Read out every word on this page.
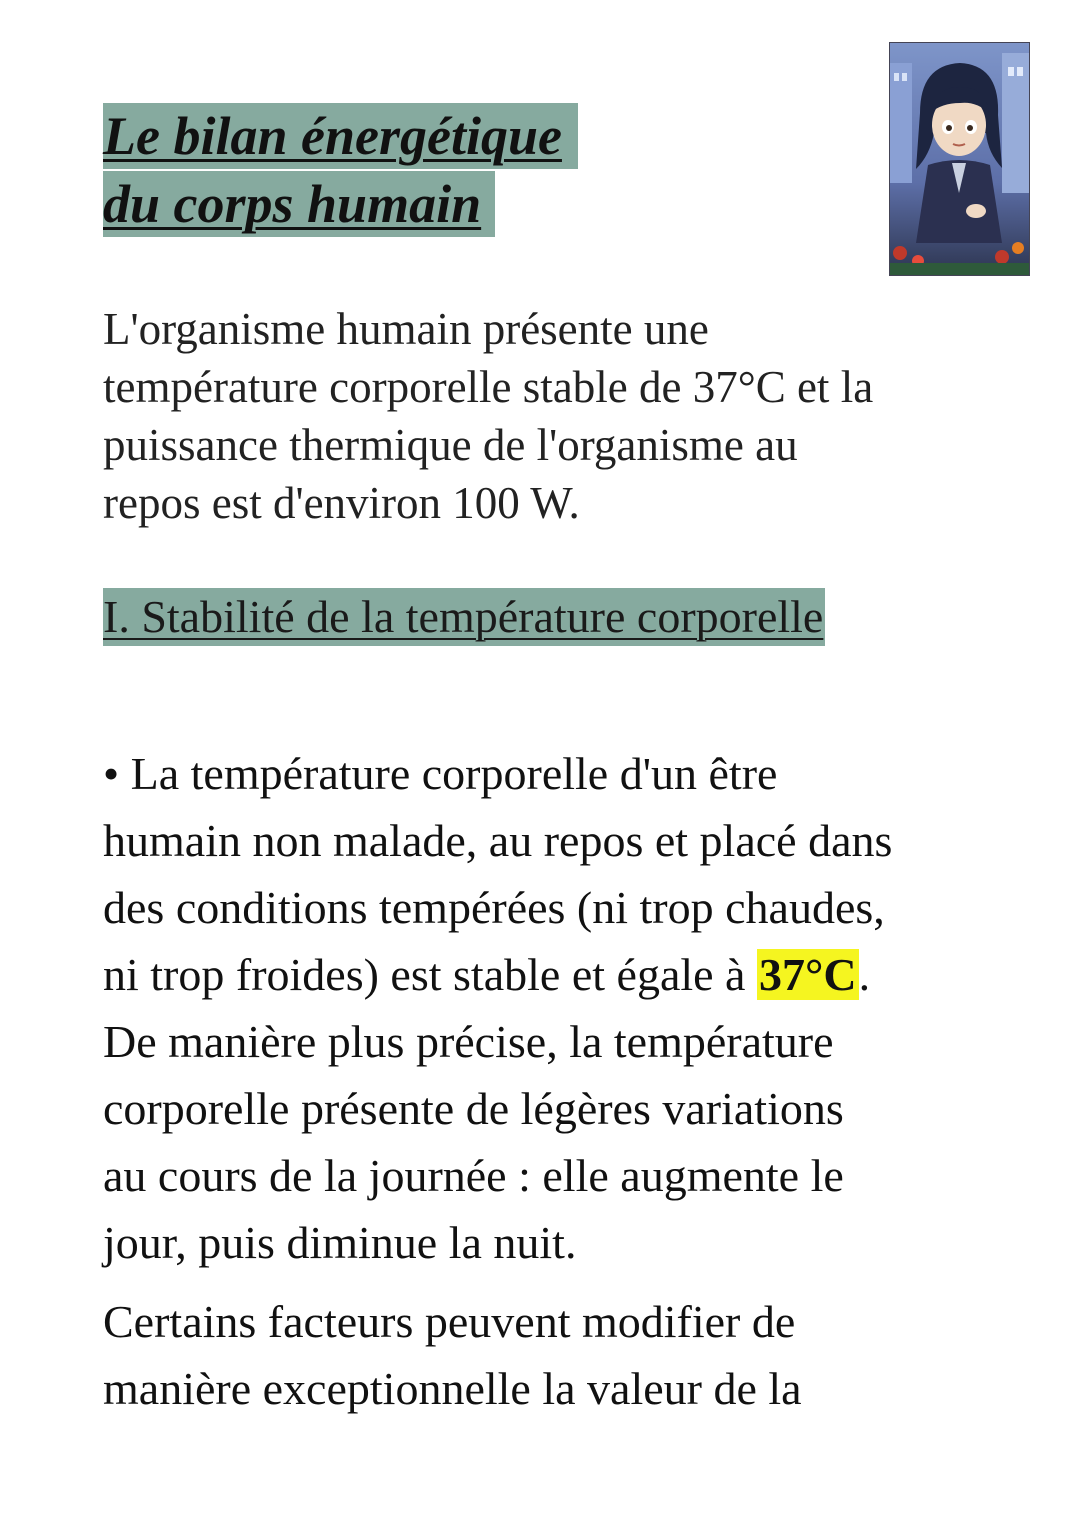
Le bilan énergétique
du corps humain
L'organisme humain présente une
température corporelle stable de 37°C et la
puissance thermique de l'organisme au
repos est d'environ 100 W.
I. Stabilité de la température corporelle
• La température corporelle d'un être
humain non malade, au repos et placé dans
des conditions tempérées (ni trop chaudes,
ni trop froides) est stable et égale à 37°C.
De manière plus précise, la température
corporelle présente de légères variations
au cours de la journée : elle augmente le
jour, puis diminue la nuit.
Certains facteurs peuvent modifier de
manière exceptionnelle la valeur de la
